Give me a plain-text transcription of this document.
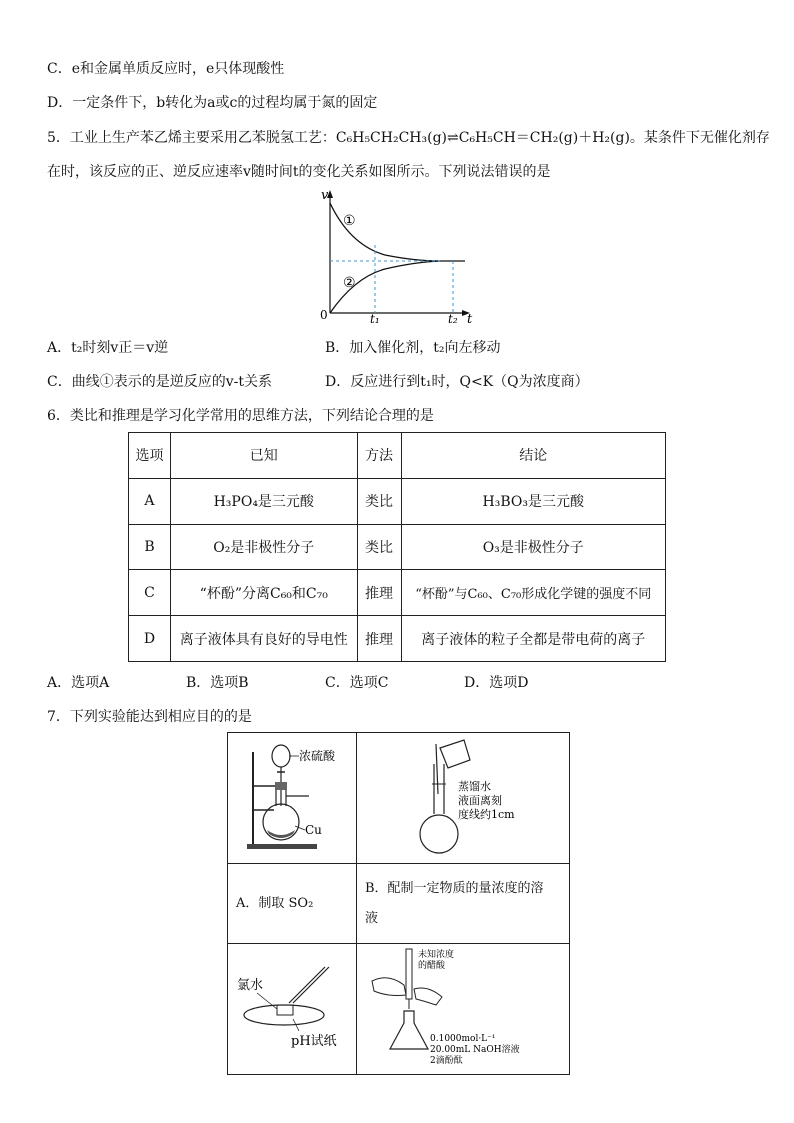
C．e和金属单质反应时，e只体现酸性
D．一定条件下，b转化为a或c的过程均属于氮的固定
5．工业上生产苯乙烯主要采用乙苯脱氢工艺：C₆H₅CH₂CH₃(g)⇌C₆H₅CH＝CH₂(g)＋H₂(g)。某条件下无催化剂存
在时，该反应的正、逆反应速率v随时间t的变化关系如图所示。下列说法错误的是
v
t
0	t₁	t₂
①
②
A．t₂时刻v正＝v逆	B．加入催化剂，t₂向左移动
C．曲线①表示的是逆反应的v-t关系	D．反应进行到t₁时，Q<K（Q为浓度商）
6．类比和推理是学习化学常用的思维方法，下列结论合理的是
选项	已知	方法	结论
A	H₃PO₄是三元酸	类比	H₃BO₃是三元酸
B	O₂是非极性分子	类比	O₃是非极性分子
C	“杯酚”分离C₆₀和C₇₀	推理	“杯酚”与C₆₀、C₇₀形成化学键的强度不同
D	离子液体具有良好的导电性	推理	离子液体的粒子全都是带电荷的离子
A．选项A	B．选项B	C．选项C	D．选项D
7．下列实验能达到相应目的的是
浓硫酸
Cu	蒸馏水
液面离刻
度线约1cm

A．制取 SO₂	B．配制一定物质的量浓度的溶
液

氯水
pH试纸	未知浓度
的醋酸
0.1000mol·L⁻¹
20.00mL NaOH溶液
2滴酚酞
